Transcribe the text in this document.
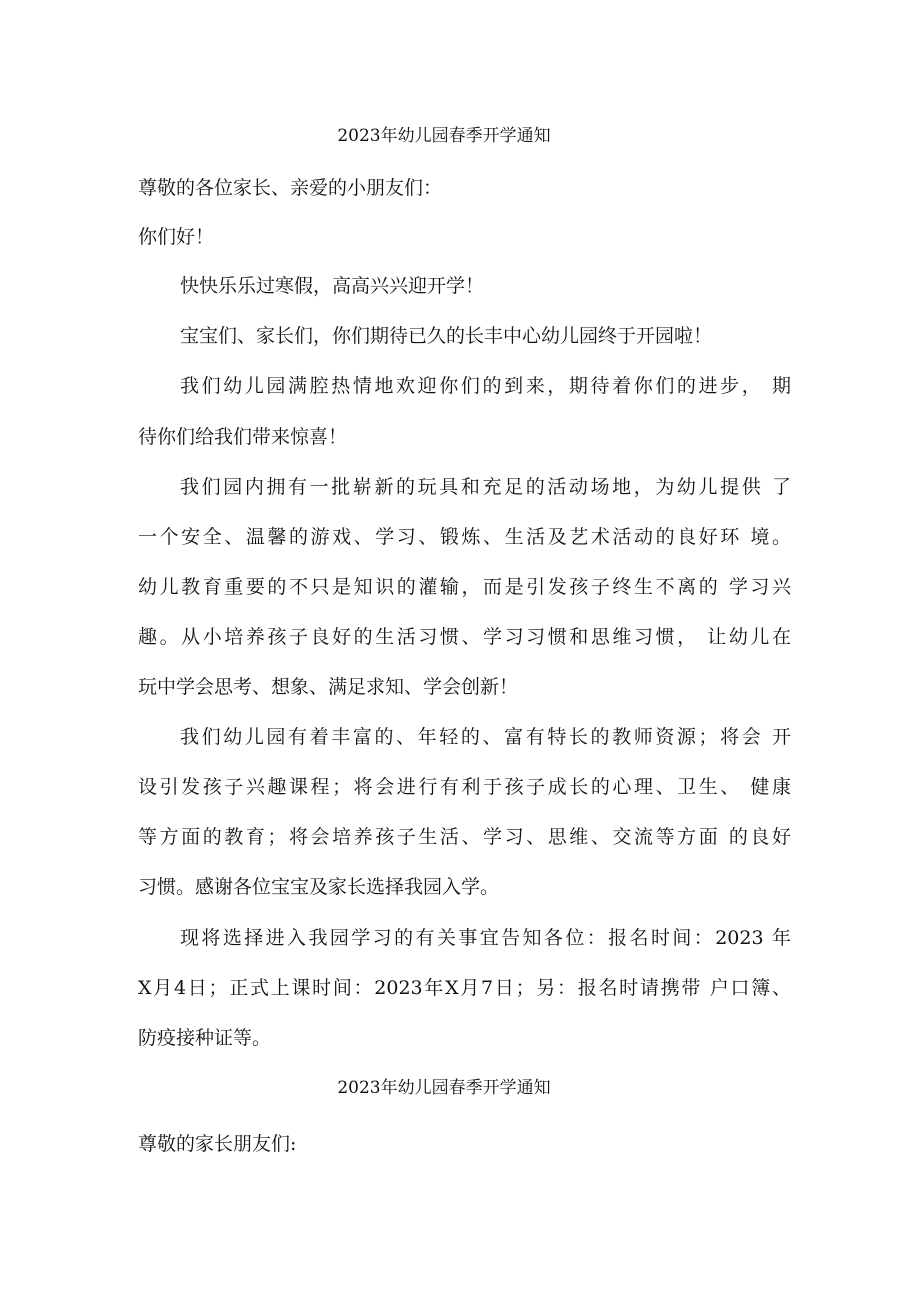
2023年幼儿园春季开学通知
尊敬的各位家长、亲爱的小朋友们：
你们好！
快快乐乐过寒假，高高兴兴迎开学！
宝宝们、家长们，你们期待已久的长丰中心幼儿园终于开园啦！
我们幼儿园满腔热情地欢迎你们的到来，期待着你们的进步， 期
待你们给我们带来惊喜！
我们园内拥有一批崭新的玩具和充足的活动场地，为幼儿提供 了
一个安全、温馨的游戏、学习、锻炼、生活及艺术活动的良好环 境。
幼儿教育重要的不只是知识的灌输，而是引发孩子终生不离的 学习兴
趣。从小培养孩子良好的生活习惯、学习习惯和思维习惯， 让幼儿在
玩中学会思考、想象、满足求知、学会创新！
我们幼儿园有着丰富的、年轻的、富有特长的教师资源；将会 开
设引发孩子兴趣课程；将会进行有利于孩子成长的心理、卫生、 健康
等方面的教育；将会培养孩子生活、学习、思维、交流等方面 的良好
习惯。感谢各位宝宝及家长选择我园入学。
现将选择进入我园学习的有关事宜告知各位：报名时间：2023 年
X月4日；正式上课时间：2023年X月7日；另：报名时请携带 户口簿、
防疫接种证等。
2023年幼儿园春季开学通知
尊敬的家长朋友们:
